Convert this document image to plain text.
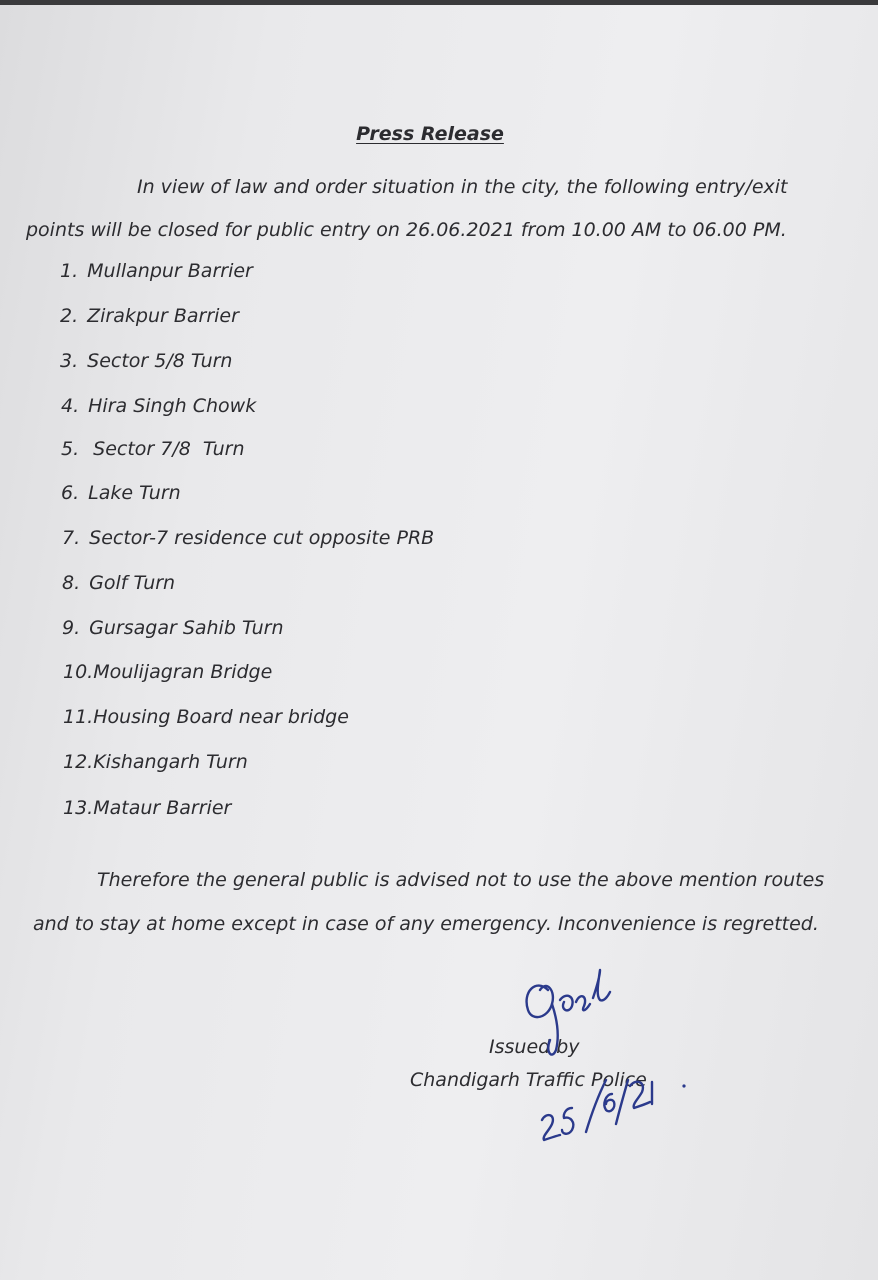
Press Release
In view of law and order situation in the city, the following entry/exit
points will be closed for public entry on 26.06.2021 from 10.00 AM to 06.00 PM.
1. Mullanpur Barrier
2. Zirakpur Barrier
3. Sector 5/8 Turn
4. Hira Singh Chowk
5. Sector 7/8  Turn
6. Lake Turn
7. Sector-7 residence cut opposite PRB
8. Golf Turn
9. Gursagar Sahib Turn
10.Moulijagran Bridge
11.Housing Board near bridge
12.Kishangarh Turn
13.Mataur Barrier
Therefore the general public is advised not to use the above mention routes
and to stay at home except in case of any emergency. Inconvenience is regretted.
Issued by
Chandigarh Traffic Police
